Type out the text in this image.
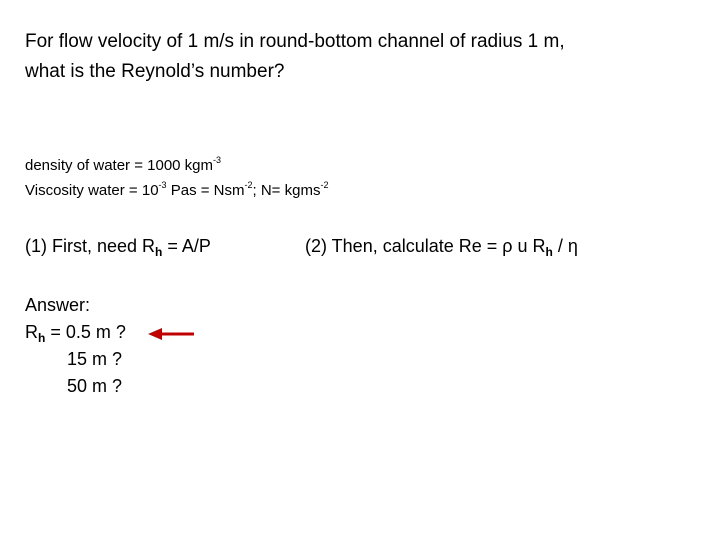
For flow velocity of 1 m/s in round-bottom channel of radius 1 m,
what is the Reynold’s number?
density of water = 1000 kgm$^{-3}$
Viscosity water = $10^{-3}$ Pas = Nsm$^{-2}$; N= kgms$^{-2}$
(1) First, need $R_h = A/P$	(2) Then, calculate Re = ρ u $R_h$ / η
Answer:
$R_h = 0.5$ m ?
15 m ?
50 m ?
